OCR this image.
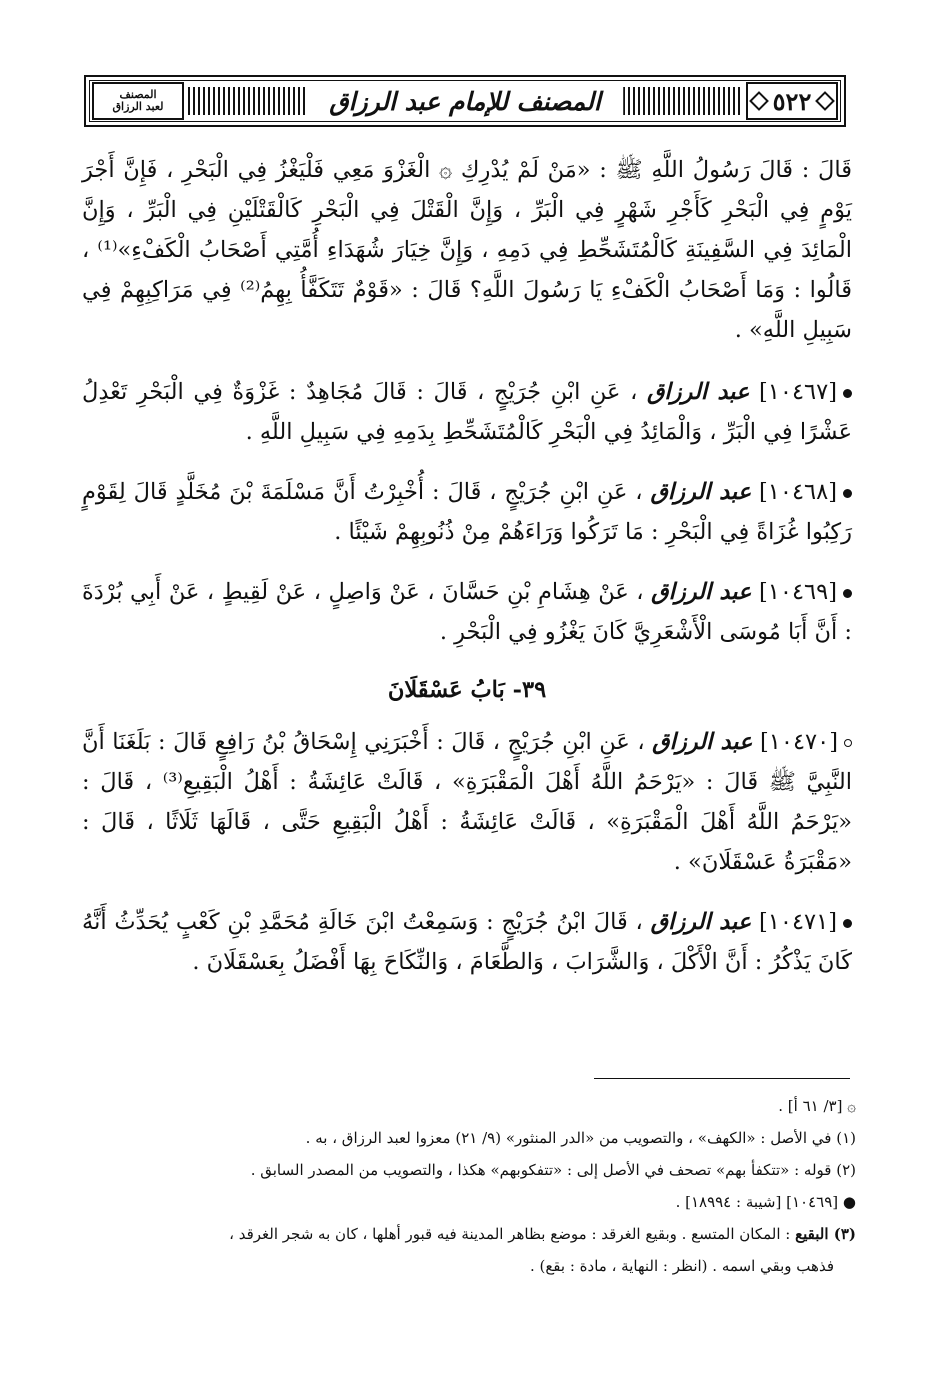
٥٢٢
المصنف للإمام عبد الرزاق
المصنف
لعبد الرزاق

قَالَ : قَالَ رَسُولُ اللَّهِ ﷺ : «مَنْ لَمْ يُدْرِكِ ۞ الْغَزْوَ مَعِي فَلْيَغْزُ فِي الْبَحْرِ ، فَإِنَّ أَجْرَ يَوْمٍ فِي الْبَحْرِ كَأَجْرِ شَهْرٍ فِي الْبَرِّ ، وَإِنَّ الْقَتْلَ فِي الْبَحْرِ كَالْقَتْلَيْنِ فِي الْبَرِّ ، وَإِنَّ الْمَائِدَ فِي السَّفِينَةِ كَالْمُتَشَحِّطِ فِي دَمِهِ ، وَإِنَّ خِيَارَ شُهَدَاءِ أُمَّتِي أَصْحَابُ الْكَفْءِ»⁽¹⁾ ، قَالُوا : وَمَا أَصْحَابُ الْكَفْءِ يَا رَسُولَ اللَّهِ؟ قَالَ : «قَوْمٌ تَتَكَفَّأُ بِهِمُ⁽²⁾ فِي مَرَاكِبِهِمْ فِي سَبِيلِ اللَّهِ» .

[١٠٤٦٧] عبد الرزاق ، عَنِ ابْنِ جُرَيْجٍ ، قَالَ : قَالَ مُجَاهِدٌ : غَزْوَةٌ فِي الْبَحْرِ تَعْدِلُ عَشْرًا فِي الْبَرِّ ، وَالْمَائِدُ فِي الْبَحْرِ كَالْمُتَشَحِّطِ بِدَمِهِ فِي سَبِيلِ اللَّهِ .

[١٠٤٦٨] عبد الرزاق ، عَنِ ابْنِ جُرَيْجٍ ، قَالَ : أُخْبِرْتُ أَنَّ مَسْلَمَةَ بْنَ مُخَلَّدٍ قَالَ لِقَوْمٍ رَكِبُوا غُزَاةً فِي الْبَحْرِ : مَا تَرَكُوا وَرَاءَهُمْ مِنْ ذُنُوبِهِمْ شَيْئًا .

[١٠٤٦٩] عبد الرزاق ، عَنْ هِشَامِ بْنِ حَسَّانَ ، عَنْ وَاصِلٍ ، عَنْ لَقِيطٍ ، عَنْ أَبِي بُرْدَةَ : أَنَّ أَبَا مُوسَى الْأَشْعَرِيَّ كَانَ يَغْزُو فِي الْبَحْرِ .

٣٩- بَابُ عَسْقَلَانَ

[١٠٤٧٠] عبد الرزاق ، عَنِ ابْنِ جُرَيْجٍ ، قَالَ : أَخْبَرَنِي إِسْحَاقُ بْنُ رَافِعٍ قَالَ : بَلَغَنَا أَنَّ النَّبِيَّ ﷺ قَالَ : «يَرْحَمُ اللَّهُ أَهْلَ الْمَقْبَرَةِ» ، قَالَتْ عَائِشَةُ : أَهْلُ الْبَقِيعِ⁽³⁾ ، قَالَ : «يَرْحَمُ اللَّهُ أَهْلَ الْمَقْبَرَةِ» ، قَالَتْ عَائِشَةُ : أَهْلُ الْبَقِيعِ حَتَّى ، قَالَهَا ثَلَاثًا ، قَالَ : «مَقْبَرَةُ عَسْقَلَانَ» .

[١٠٤٧١] عبد الرزاق ، قَالَ ابْنُ جُرَيْجٍ : وَسَمِعْتُ ابْنَ خَالَةِ مُحَمَّدِ بْنِ كَعْبٍ يُحَدِّثُ أَنَّهُ كَانَ يَذْكُرُ : أَنَّ الْأَكْلَ ، وَالشَّرَابَ ، وَالطَّعَامَ ، وَالنِّكَاحَ بِهَا أَفْضَلُ بِعَسْقَلَانَ .

۞ [٣/ ٦١ أ] .

(١) في الأصل : «الكهف» ، والتصويب من «الدر المنثور» (٩/ ٢١) معزوا لعبد الرزاق ، به .

(٢) قوله : «تتكفأ بهم» تصحف في الأصل إلى : «تتفكوبهم» هكذا ، والتصويب من المصدر السابق .

● [١٠٤٦٩] [شيبة : ١٨٩٩٤] .

(٣) البقيع : المكان المتسع . وبقيع الغرقد : موضع بظاهر المدينة فيه قبور أهلها ، كان به شجر الغرقد ،

فذهب وبقي اسمه . (انظر : النهاية ، مادة : بقع) .
